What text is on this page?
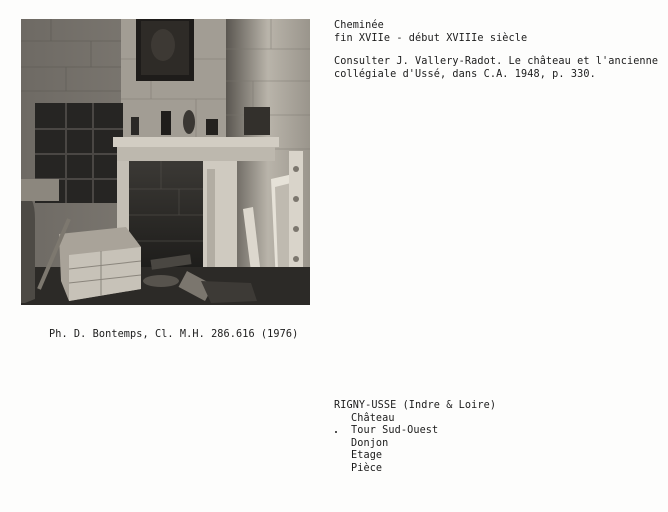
Cheminée
fin XVIIe - début XVIIIe siècle
Consulter J. Vallery-Radot. Le château et l'ancienne
collégiale d'Ussé, dans C.A. 1948, p. 330.
Ph. D. Bontemps, Cl. M.H. 286.616 (1976)
RIGNY-USSE (Indre & Loire)
Château
Tour Sud-Ouest
Donjon
Etage
Pièce
